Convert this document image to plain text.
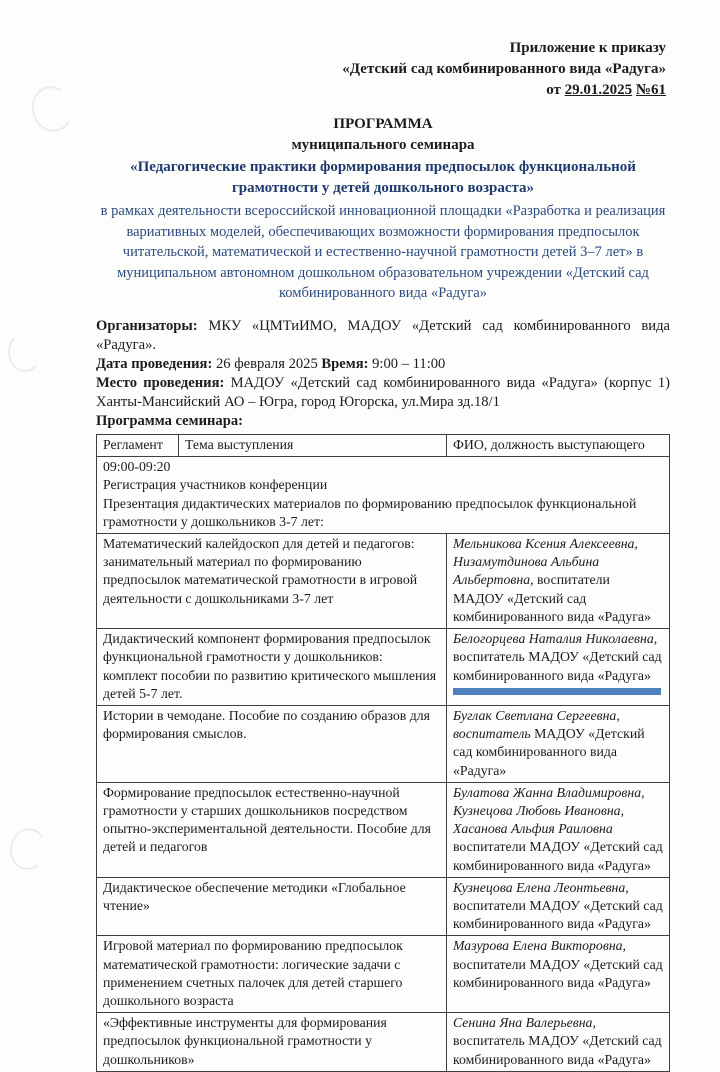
Приложение к приказу
«Детский сад комбинированного вида «Радуга»
от 29.01.2025 №61
ПРОГРАММА
муниципального семинара
«Педагогические практики формирования предпосылок функциональной грамотности у детей дошкольного возраста»
в рамках деятельности всероссийской инновационной площадки «Разработка и реализация вариативных моделей, обеспечивающих возможности формирования предпосылок читательской, математической и естественно-научной грамотности детей 3–7 лет» в муниципальном автономном дошкольном образовательном учреждении «Детский сад комбинированного вида «Радуга»

Организаторы: МКУ «ЦМТиИМО, МАДОУ «Детский сад комбинированного вида «Радуга».

Дата проведения: 26 февраля 2025 Время: 9:00 – 11:00

Место проведения: МАДОУ «Детский сад комбинированного вида «Радуга» (корпус 1) Ханты-Мансийский АО – Югра, город Югорска, ул.Мира зд.18/1

Программа семинара:

Регламент	Тема выступления	ФИО, должность выступающего

09:00-09:20
Регистрация участников конференции
Презентация дидактических материалов по формированию предпосылок функциональной грамотности у дошкольников 3-7 лет:		

Математический калейдоскоп для детей и педагогов: занимательный материал по формированию предпосылок математической грамотности в игровой деятельности с дошкольниками 3-7 лет		Мельникова Ксения Алексеевна, Низамутдинова Альбина Альбертовна, воспитатели МАДОУ «Детский сад комбинированного вида «Радуга»
Дидактический компонент формирования предпосылок функциональной грамотности у дошкольников: комплект пособии по развитию критического мышления детей 5-7 лет.		Белогорцева Наталия Николаевна, воспитатель МАДОУ «Детский сад комбинированного вида «Радуга»

Истории в чемодане. Пособие по созданию образов для формирования смыслов.		Буглак Светлана Сергеевна, воспитатель МАДОУ «Детский сад комбинированного вида «Радуга»
Формирование предпосылок естественно-научной грамотности у старших дошкольников посредством опытно-экспериментальной деятельности. Пособие для детей и педагогов		Булатова Жанна Владимировна, Кузнецова Любовь Ивановна, Хасанова Альфия Раиловна воспитатели МАДОУ «Детский сад комбинированного вида «Радуга»
Дидактическое обеспечение методики «Глобальное чтение»		Кузнецова Елена Леонтьевна, воспитатели МАДОУ «Детский сад комбинированного вида «Радуга»
Игровой материал по формированию предпосылок математической грамотности: логические задачи с применением счетных палочек для детей старшего дошкольного возраста		Мазурова Елена Викторовна, воспитатели МАДОУ «Детский сад комбинированного вида «Радуга»
«Эффективные инструменты для формирования предпосылок функциональной грамотности у дошкольников»		Сенина Яна Валерьевна, воспитатель МАДОУ «Детский сад комбинированного вида «Радуга»
